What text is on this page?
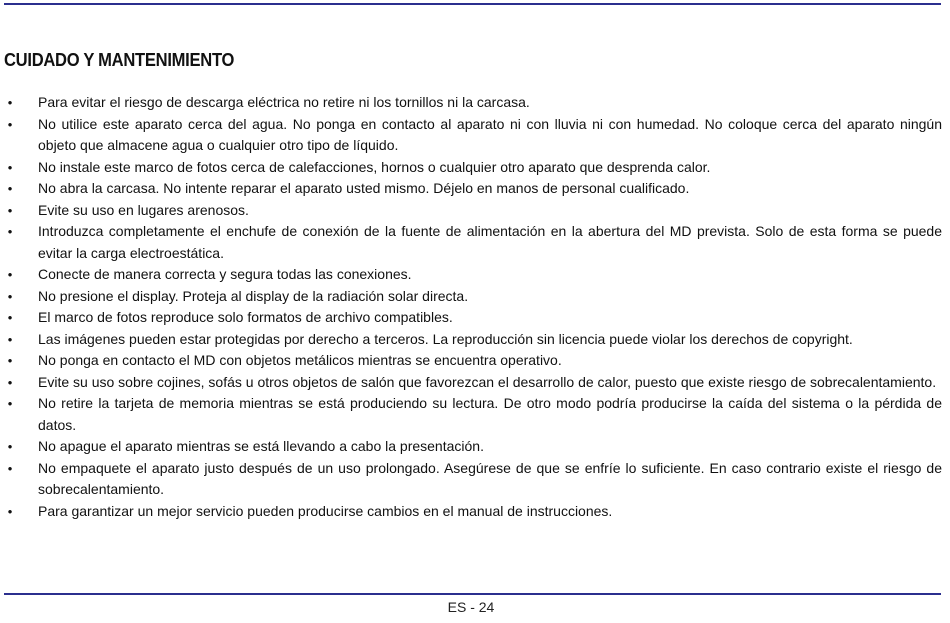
CUIDADO Y MANTENIMIENTO
• Para evitar el riesgo de descarga eléctrica no retire ni los tornillos ni la carcasa.
• No utilice este aparato cerca del agua. No ponga en contacto al aparato ni con lluvia ni con humedad. No coloque cerca del aparato ningún objeto que almacene agua o cualquier otro tipo de líquido.
• No instale este marco de fotos cerca de calefacciones, hornos o cualquier otro aparato que desprenda calor.
• No abra la carcasa. No intente reparar el aparato usted mismo. Déjelo en manos de personal cualificado.
• Evite su uso en lugares arenosos.
• Introduzca completamente el enchufe de conexión de la fuente de alimentación en la abertura del MD prevista. Solo de esta forma se puede evitar la carga electroestática.
• Conecte de manera correcta y segura todas las conexiones.
• No presione el display. Proteja al display de la radiación solar directa.
• El marco de fotos reproduce solo formatos de archivo compatibles.
• Las imágenes pueden estar protegidas por derecho a terceros. La reproducción sin licencia puede violar los derechos de copyright.
• No ponga en contacto el MD con objetos metálicos mientras se encuentra operativo.
• Evite su uso sobre cojines, sofás u otros objetos de salón que favorezcan el desarrollo de calor, puesto que existe riesgo de sobrecalentamiento.
• No retire la tarjeta de memoria mientras se está produciendo su lectura. De otro modo podría producirse la caída del sistema o la pérdida de datos.
• No apague el aparato mientras se está llevando a cabo la presentación.
• No empaquete el aparato justo después de un uso prolongado. Asegúrese de que se enfríe lo suficiente. En caso contrario existe el riesgo de sobrecalentamiento.
• Para garantizar un mejor servicio pueden producirse cambios en el manual de instrucciones.
ES - 24
